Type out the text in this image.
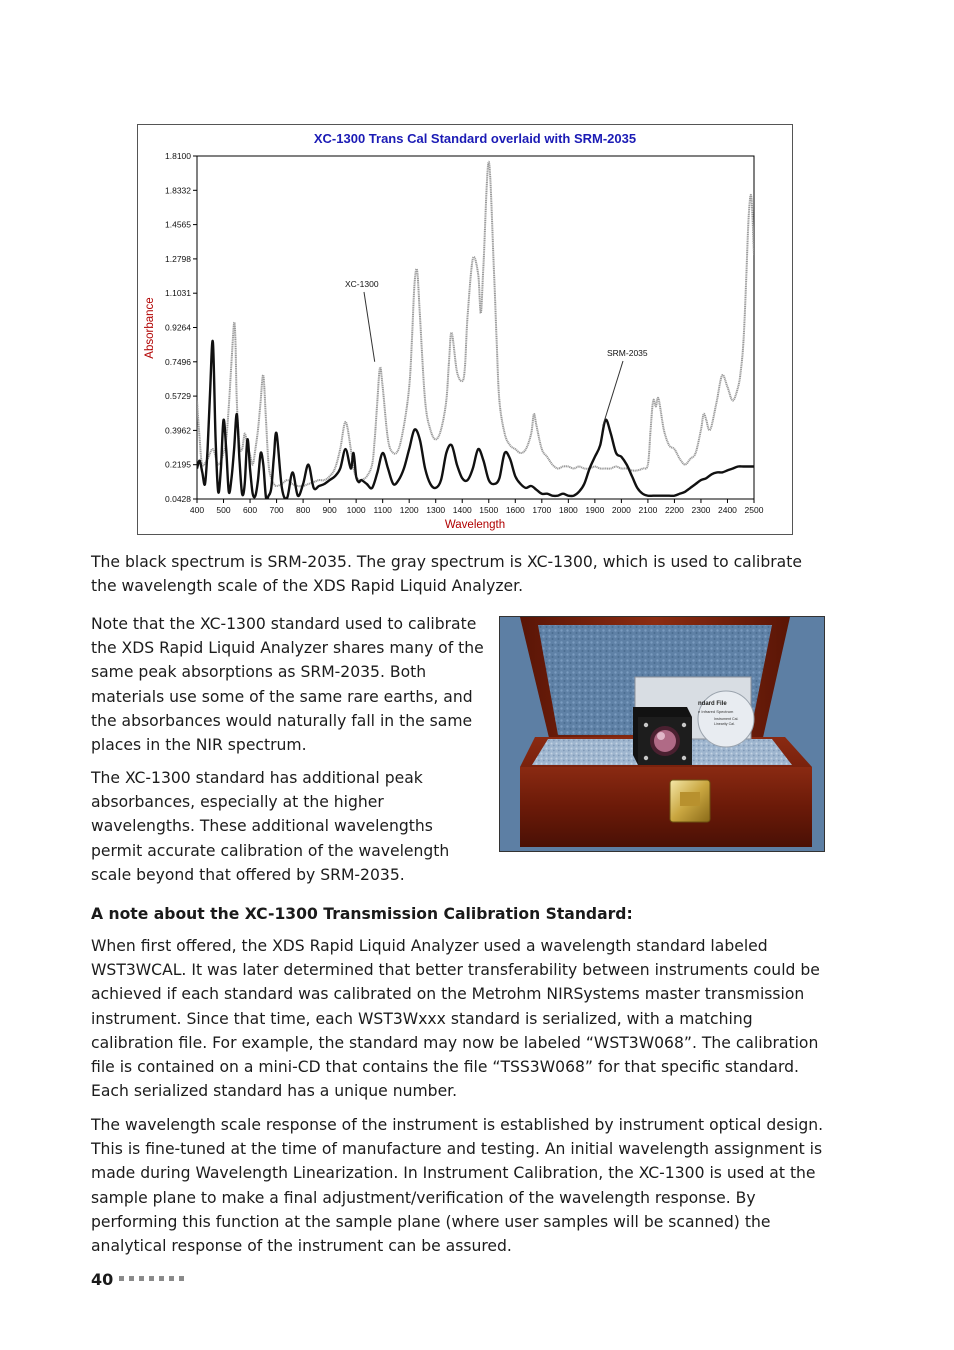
XC-1300 Trans Cal Standard overlaid with SRM-2035
1.8100
1.8332
1.4565
1.2798
1.1031
0.9264
0.7496
0.5729
0.3962
0.2195
0.0428
400 500 600 700 800 900 1000 1100 1200 1300 1400 1500 1600 1700 1800 1900 2000 2100 2200 2300 2400 2500
Absorbance
Wavelength
XC-1300
SRM-2035

The black spectrum is SRM-2035. The gray spectrum is XC-1300, which is used to calibrate the wavelength scale of the XDS Rapid Liquid Analyzer.

Note that the XC-1300 standard used to calibrate the XDS Rapid Liquid Analyzer shares many of the same peak absorptions as SRM-2035. Both materials use some of the same rare earths, and the absorbances would naturally fall in the same places in the NIR spectrum.

The XC-1300 standard has additional peak absorbances, especially at the higher wavelengths. These additional wavelengths permit accurate calibration of the wavelength scale beyond that offered by SRM-2035.

ndard File
e Infrared Spectrum
Instrument Cal.
Linearity Cal.

A note about the XC-1300 Transmission Calibration Standard:

When first offered, the XDS Rapid Liquid Analyzer used a wavelength standard labeled WST3WCAL. It was later determined that better transferability between instruments could be achieved if each standard was calibrated on the Metrohm NIRSystems master transmission instrument. Since that time, each WST3Wxxx standard is serialized, with a matching calibration file. For example, the standard may now be labeled “WST3W068”. The calibration file is contained on a mini-CD that contains the file “TSS3W068” for that specific standard. Each serialized standard has a unique number.

The wavelength scale response of the instrument is established by instrument optical design. This is fine-tuned at the time of manufacture and testing. An initial wavelength assignment is made during Wavelength Linearization. In Instrument Calibration, the XC-1300 is used at the sample plane to make a final adjustment/verification of the wavelength response. By performing this function at the sample plane (where user samples will be scanned) the analytical response of the instrument can be assured.

40
